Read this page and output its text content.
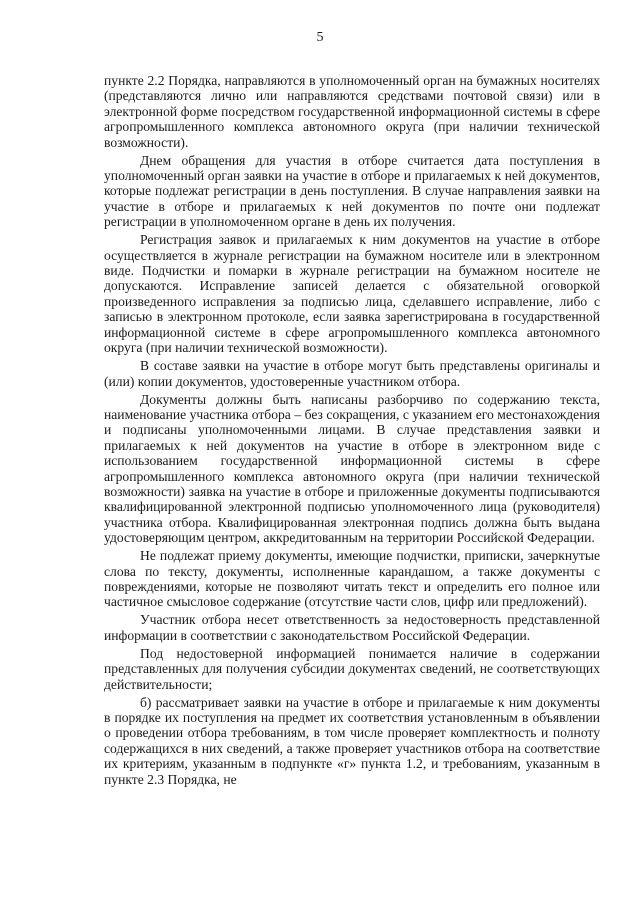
5

пункте 2.2 Порядка, направляются в уполномоченный орган на бумажных носителях (представляются лично или направляются средствами почтовой связи) или в электронной форме посредством государственной информационной системы в сфере агропромышленного комплекса автономного округа (при наличии технической возможности).

Днем обращения для участия в отборе считается дата поступления в уполномоченный орган заявки на участие в отборе и прилагаемых к ней документов, которые подлежат регистрации в день поступления. В случае направления заявки на участие в отборе и прилагаемых к ней документов по почте они подлежат регистрации в уполномоченном органе в день их получения.

Регистрация заявок и прилагаемых к ним документов на участие в отборе осуществляется в журнале регистрации на бумажном носителе или в электронном виде. Подчистки и помарки в журнале регистрации на бумажном носителе не допускаются. Исправление записей делается с обязательной оговоркой произведенного исправления за подписью лица, сделавшего исправление, либо с записью в электронном протоколе, если заявка зарегистрирована в государственной информационной системе в сфере агропромышленного комплекса автономного округа (при наличии технической возможности).

В составе заявки на участие в отборе могут быть представлены оригиналы и (или) копии документов, удостоверенные участником отбора.

Документы должны быть написаны разборчиво по содержанию текста, наименование участника отбора – без сокращения, с указанием его местонахождения и подписаны уполномоченными лицами. В случае представления заявки и прилагаемых к ней документов на участие в отборе в электронном виде с использованием государственной информационной системы в сфере агропромышленного комплекса автономного округа (при наличии технической возможности) заявка на участие в отборе и приложенные документы подписываются квалифицированной электронной подписью уполномоченного лица (руководителя) участника отбора. Квалифицированная электронная подпись должна быть выдана удостоверяющим центром, аккредитованным на территории Российской Федерации.

Не подлежат приему документы, имеющие подчистки, приписки, зачеркнутые слова по тексту, документы, исполненные карандашом, а также документы с повреждениями, которые не позволяют читать текст и определить его полное или частичное смысловое содержание (отсутствие части слов, цифр или предложений).

Участник отбора несет ответственность за недостоверность представленной информации в соответствии с законодательством Российской Федерации.

Под недостоверной информацией понимается наличие в содержании представленных для получения субсидии документах сведений, не соответствующих действительности;

б) рассматривает заявки на участие в отборе и прилагаемые к ним документы в порядке их поступления на предмет их соответствия установленным в объявлении о проведении отбора требованиям, в том числе проверяет комплектность и полноту содержащихся в них сведений, а также проверяет участников отбора на соответствие их критериям, указанным в подпункте «г» пункта 1.2, и требованиям, указанным в пункте 2.3 Порядка, не
